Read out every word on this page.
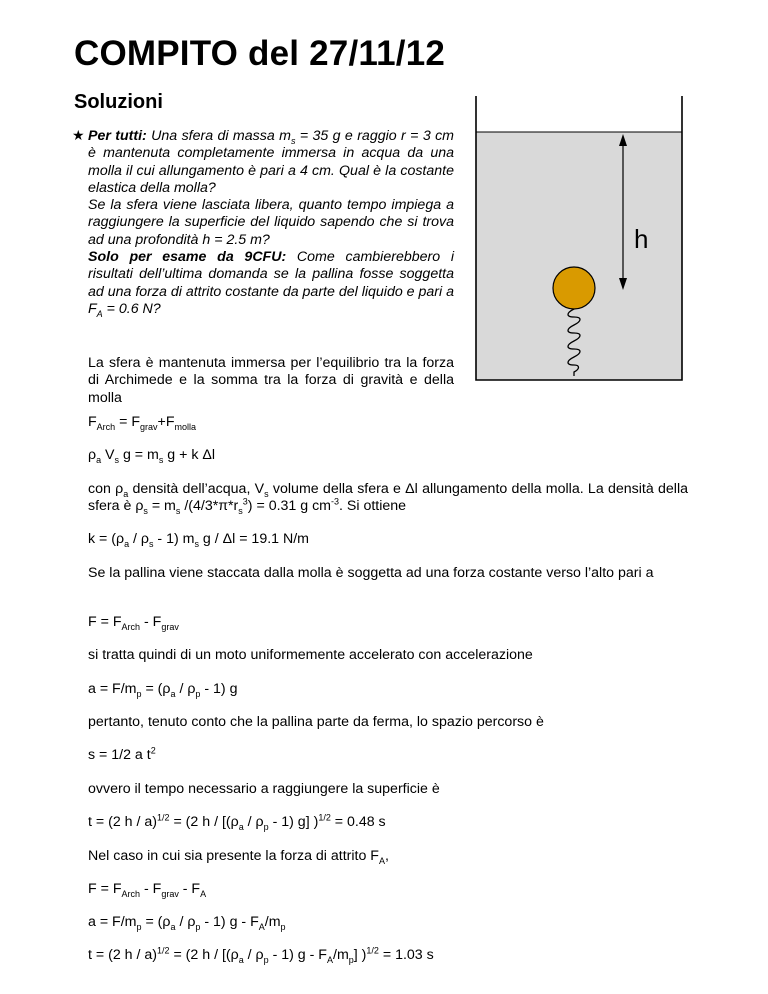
COMPITO del 27/11/12
Soluzioni
★ Per tutti: Una sfera di massa $m_s = 35$ g e raggio r = 3 cm è mantenuta completamente immersa in acqua da una molla il cui allungamento è pari a 4 cm. Qual è la costante elastica della molla?

Se la sfera viene lasciata libera, quanto tempo impiega a raggiungere la superficie del liquido sapendo che si trova ad una profondità h = 2.5 m?

Solo per esame da 9CFU: Come cambierebbero i risultati dell’ultima domanda se la pallina fosse soggetta ad una forza di attrito costante da parte del liquido e pari a $F_A = 0.6$ N?

h

La sfera è mantenuta immersa per l’equilibrio tra la forza di Archimede e la somma tra la forza di gravità e della molla

$F_{Arch} = F_{grav}+F_{molla}$

$\rho_a$ $V_s$ $g = m_s$ g + k Δl

con $\rho_a$ densità dell’acqua, $V_s$ volume della sfera e Δl allungamento della molla. La densità della sfera è $\rho_s = m_s$ $/(4/3*\pi*r_s^3) = 0.31$ g $cm^{-3}$. Si ottiene

$k = (\rho_a / \rho_s - 1)$ $m_s$ g / Δl = 19.1 N/m

Se la pallina viene staccata dalla molla è soggetta ad una forza costante verso l’alto pari a

$F = F_{Arch} - F_{grav}$

si tratta quindi di un moto uniformemente accelerato con accelerazione

$a = F/m_p = (\rho_a / \rho_p - 1)$ g

pertanto, tenuto conto che la pallina parte da ferma, lo spazio percorso è

s = 1/2 a $t^2$

ovvero il tempo necessario a raggiungere la superficie è

t = (2 h / a)$^{1/2}$ = (2 h / [$(\rho_a / \rho_p - 1)$ g] )$^{1/2}$ = 0.48 s

Nel caso in cui sia presente la forza di attrito $F_A$,

$F = F_{Arch} - F_{grav} - F_A$

$a = F/m_p = (\rho_a / \rho_p - 1)$ g - $F_A/m_p$

t = (2 h / a)$^{1/2}$ = (2 h / [$(\rho_a / \rho_p - 1)$ g - $F_A/m_p$] )$^{1/2}$ = 1.03 s
